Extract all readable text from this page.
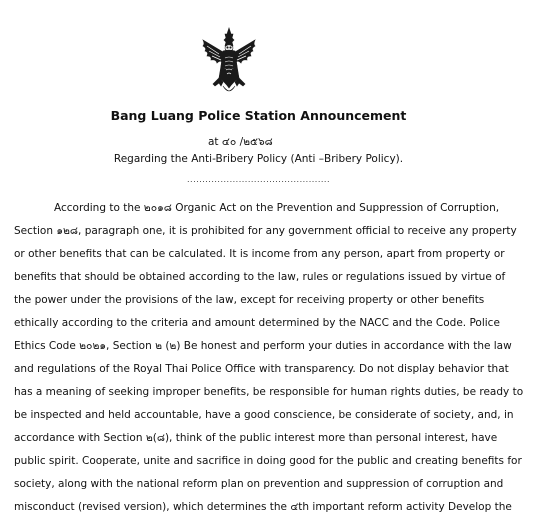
Bang Luang Police Station Announcement
at ๔๐ /๒๕๖๘
Regarding the Anti-Bribery Policy (Anti –Bribery Policy).
...............................................
According to the ๒๐๑๘ Organic Act on the Prevention and Suppression of Corruption,
Section ๑๒๘, paragraph one, it is prohibited for any government official to receive any property
or other benefits that can be calculated. It is income from any person, apart from property or
benefits that should be obtained according to the law, rules or regulations issued by virtue of
the power under the provisions of the law, except for receiving property or other benefits
ethically according to the criteria and amount determined by the NACC and the Code. Police
Ethics Code ๒๐๒๑, Section ๒ (๒) Be honest and perform your duties in accordance with the law
and regulations of the Royal Thai Police Office with transparency. Do not display behavior that
has a meaning of seeking improper benefits, be responsible for human rights duties, be ready to
be inspected and held accountable, have a good conscience, be considerate of society, and, in
accordance with Section ๒(๘), think of the public interest more than personal interest, have
public spirit. Cooperate, unite and sacrifice in doing good for the public and creating benefits for
society, along with the national reform plan on prevention and suppression of corruption and
misconduct (revised version), which determines the ๔th important reform activity Develop the
